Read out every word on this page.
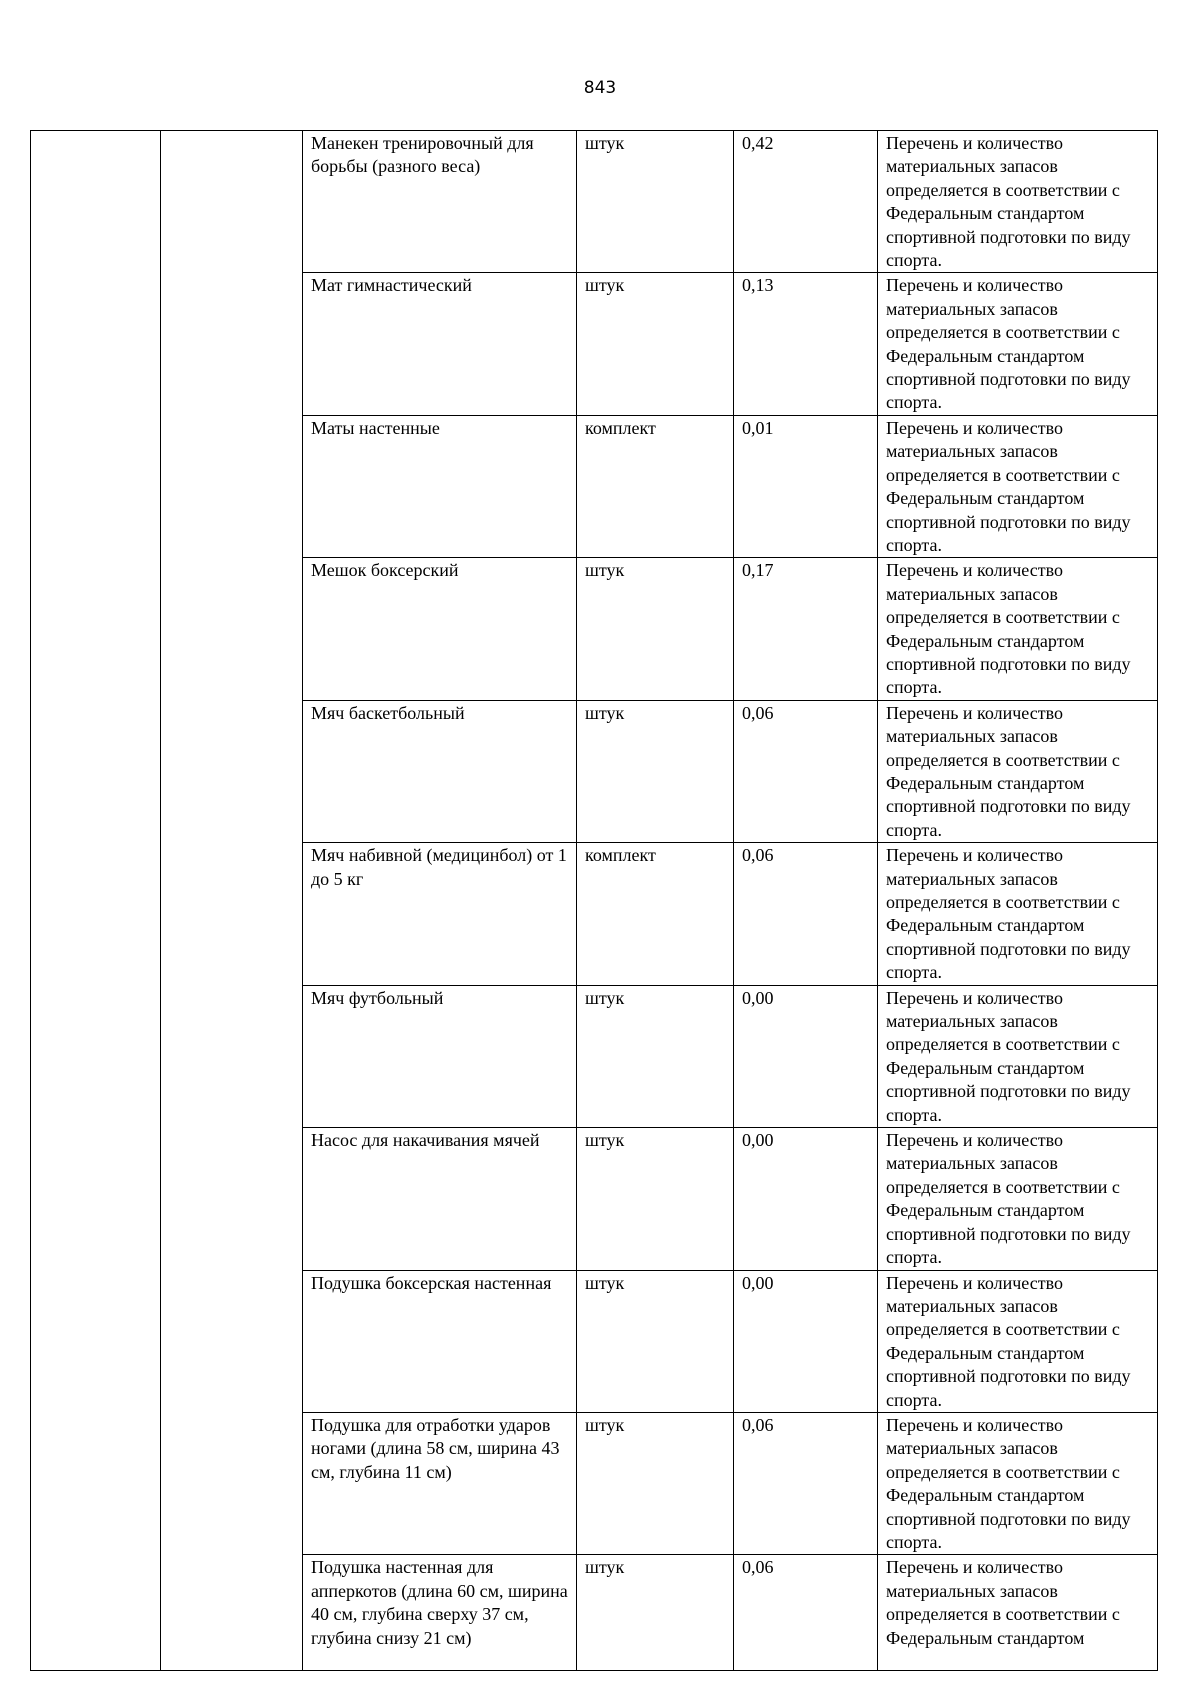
843
		Манекен тренировочный для борьбы (разного веса)	штук	0,42	Перечень и количество материальных запасов определяется в соответствии с Федеральным стандартом спортивной подготовки по виду спорта.
		Мат гимнастический	штук	0,13	Перечень и количество материальных запасов определяется в соответствии с Федеральным стандартом спортивной подготовки по виду спорта.
		Маты настенные	комплект	0,01	Перечень и количество материальных запасов определяется в соответствии с Федеральным стандартом спортивной подготовки по виду спорта.
		Мешок боксерский	штук	0,17	Перечень и количество материальных запасов определяется в соответствии с Федеральным стандартом спортивной подготовки по виду спорта.
		Мяч баскетбольный	штук	0,06	Перечень и количество материальных запасов определяется в соответствии с Федеральным стандартом спортивной подготовки по виду спорта.
		Мяч набивной (медицинбол) от 1 до 5 кг	комплект	0,06	Перечень и количество материальных запасов определяется в соответствии с Федеральным стандартом спортивной подготовки по виду спорта.
		Мяч футбольный	штук	0,00	Перечень и количество материальных запасов определяется в соответствии с Федеральным стандартом спортивной подготовки по виду спорта.
		Насос для накачивания мячей	штук	0,00	Перечень и количество материальных запасов определяется в соответствии с Федеральным стандартом спортивной подготовки по виду спорта.
		Подушка боксерская настенная	штук	0,00	Перечень и количество материальных запасов определяется в соответствии с Федеральным стандартом спортивной подготовки по виду спорта.
		Подушка для отработки ударов ногами (длина 58 см, ширина 43 см, глубина 11 см)	штук	0,06	Перечень и количество материальных запасов определяется в соответствии с Федеральным стандартом спортивной подготовки по виду спорта.
		Подушка настенная для апперкотов (длина 60 см, ширина 40 см, глубина сверху 37 см, глубина снизу 21 см)	штук	0,06	Перечень и количество материальных запасов определяется в соответствии с Федеральным стандартом
